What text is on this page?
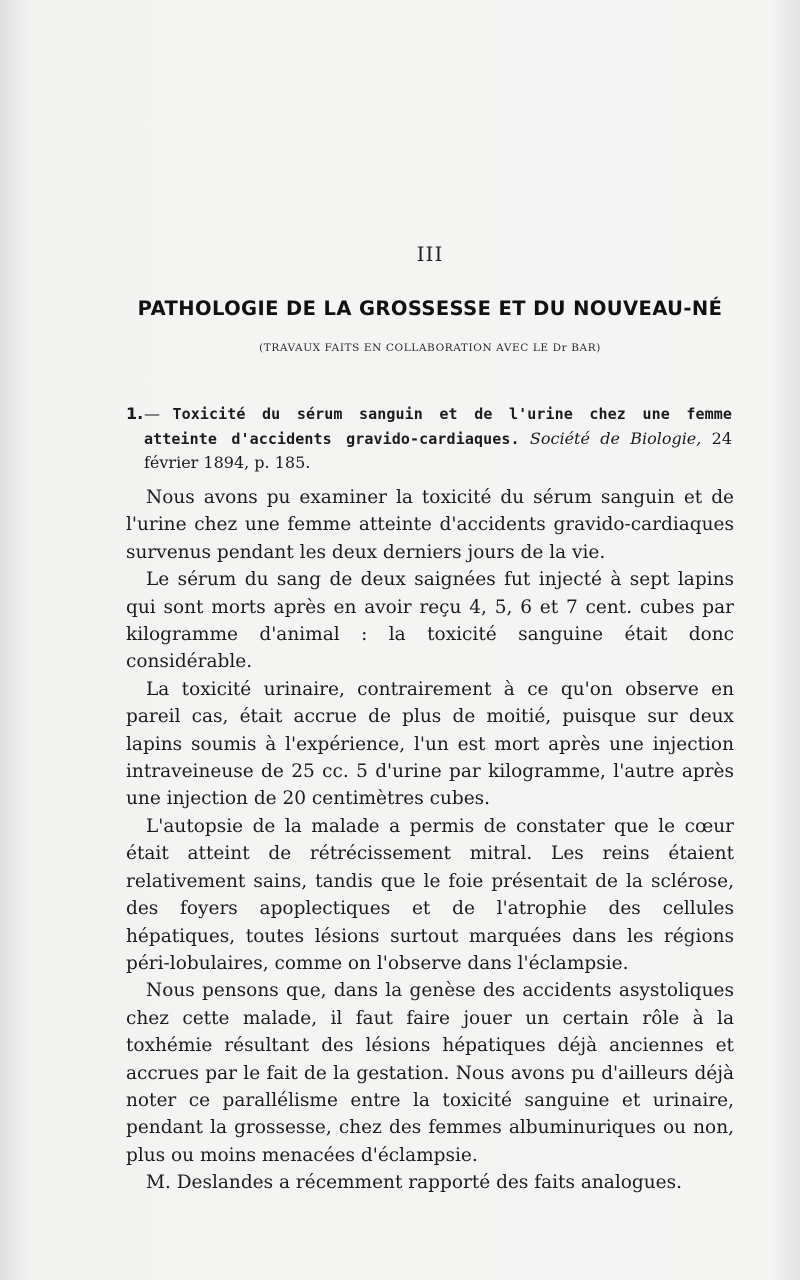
III
PATHOLOGIE DE LA GROSSESSE ET DU NOUVEAU-NÉ
(TRAVAUX FAITS EN COLLABORATION AVEC LE Dr BAR)
1. — Toxicité du sérum sanguin et de l'urine chez une femme atteinte d'accidents gravido-cardiaques. Société de Biologie, 24 février 1894, p. 185.

Nous avons pu examiner la toxicité du sérum sanguin et de l'urine chez une femme atteinte d'accidents gravido-cardiaques survenus pendant les deux derniers jours de la vie.

Le sérum du sang de deux saignées fut injecté à sept lapins qui sont morts après en avoir reçu 4, 5, 6 et 7 cent. cubes par kilogramme d'animal : la toxicité sanguine était donc considérable.

La toxicité urinaire, contrairement à ce qu'on observe en pareil cas, était accrue de plus de moitié, puisque sur deux lapins soumis à l'expérience, l'un est mort après une injection intraveineuse de 25 cc. 5 d'urine par kilogramme, l'autre après une injection de 20 centimètres cubes.

L'autopsie de la malade a permis de constater que le cœur était atteint de rétrécissement mitral. Les reins étaient relativement sains, tandis que le foie présentait de la sclérose, des foyers apoplectiques et de l'atrophie des cellules hépatiques, toutes lésions surtout marquées dans les régions péri-lobulaires, comme on l'observe dans l'éclampsie.

Nous pensons que, dans la genèse des accidents asystoliques chez cette malade, il faut faire jouer un certain rôle à la toxhémie résultant des lésions hépatiques déjà anciennes et accrues par le fait de la gestation. Nous avons pu d'ailleurs déjà noter ce parallélisme entre la toxicité sanguine et urinaire, pendant la grossesse, chez des femmes albuminuriques ou non, plus ou moins menacées d'éclampsie.

M. Deslandes a récemment rapporté des faits analogues.
